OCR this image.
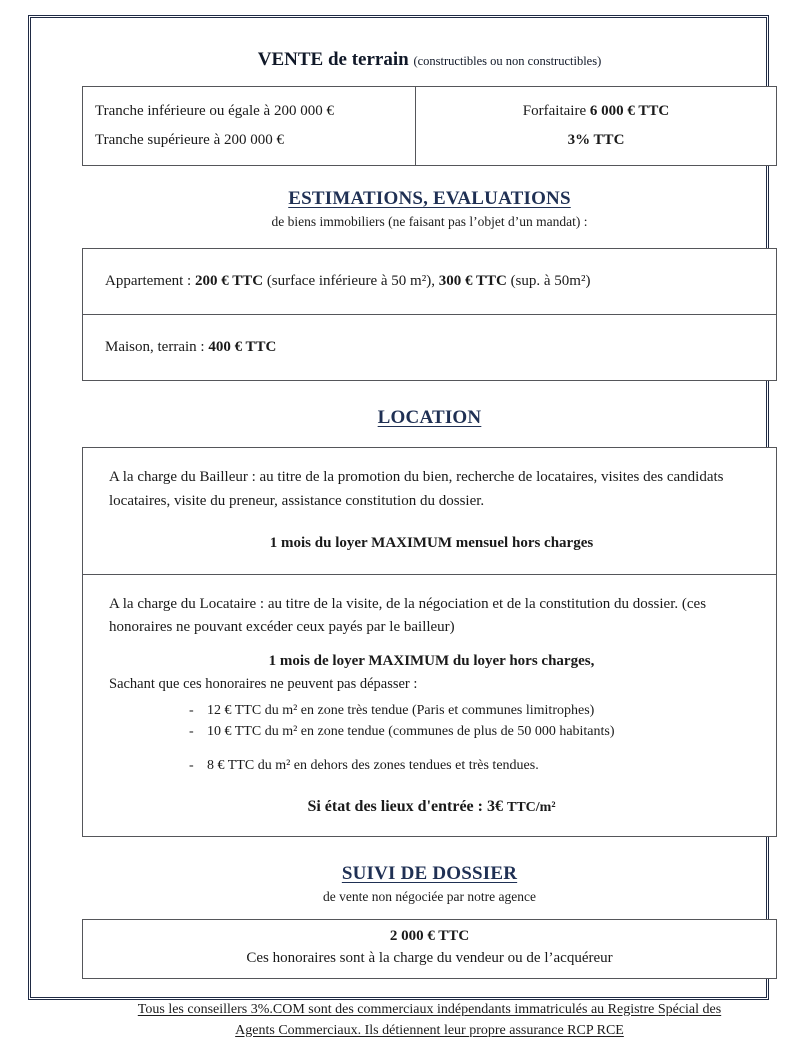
VENTE de terrain (constructibles ou non constructibles)
Tranche inférieure ou égale à 200 000 €
Tranche supérieure à 200 000 €
Forfaitaire 6 000 € TTC
3% TTC
ESTIMATIONS, EVALUATIONS

de biens immobiliers (ne faisant pas l’objet d’un mandat) :

Appartement : 200 € TTC (surface inférieure à 50 m²), 300 € TTC (sup. à 50m²)
Maison, terrain : 400 € TTC
LOCATION

A la charge du Bailleur : au titre de la promotion du bien, recherche de locataires, visites des candidats locataires, visite du preneur, assistance constitution du dossier.

1 mois du loyer MAXIMUM mensuel hors charges

A la charge du Locataire : au titre de la visite, de la négociation et de la constitution du dossier. (ces honoraires ne pouvant excéder ceux payés par le bailleur)

1 mois de loyer MAXIMUM du loyer hors charges,

Sachant que ces honoraires ne peuvent pas dépasser :

- 12 € TTC du m² en zone très tendue (Paris et communes limitrophes)
- 10 € TTC du m² en zone tendue (communes de plus de 50 000 habitants)
- 8 € TTC du m² en dehors des zones tendues et très tendues.

Si état des lieux d'entrée : 3€ TTC/m²

SUIVI DE DOSSIER

de vente non négociée par notre agence

2 000 € TTC
Ces honoraires sont à la charge du vendeur ou de l’acquéreur

Tous les conseillers 3%.COM sont des commerciaux indépendants immatriculés au Registre Spécial des
Agents Commerciaux. Ils détiennent leur propre assurance RCP RCE
